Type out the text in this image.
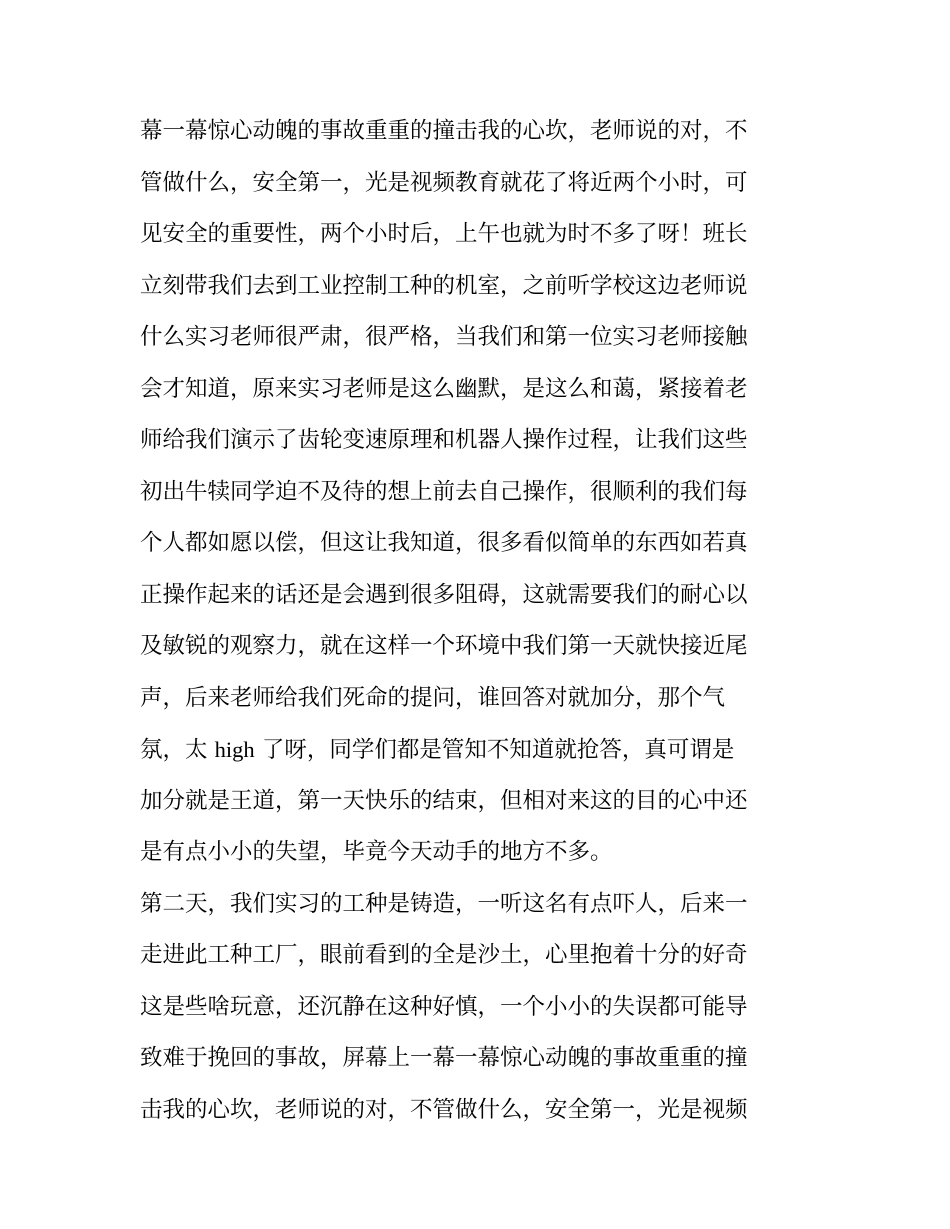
幕一幕惊心动魄的事故重重的撞击我的心坎，老师说的对，不
管做什么，安全第一，光是视频教育就花了将近两个小时，可
见安全的重要性，两个小时后，上午也就为时不多了呀！班长
立刻带我们去到工业控制工种的机室，之前听学校这边老师说
什么实习老师很严肃，很严格，当我们和第一位实习老师接触
会才知道，原来实习老师是这么幽默，是这么和蔼，紧接着老
师给我们演示了齿轮变速原理和机器人操作过程，让我们这些
初出牛犊同学迫不及待的想上前去自己操作，很顺利的我们每
个人都如愿以偿，但这让我知道，很多看似简单的东西如若真
正操作起来的话还是会遇到很多阻碍，这就需要我们的耐心以
及敏锐的观察力，就在这样一个环境中我们第一天就快接近尾
声，后来老师给我们死命的提问，谁回答对就加分，那个气
氛，太 high 了呀，同学们都是管知不知道就抢答，真可谓是
加分就是王道，第一天快乐的结束，但相对来这的目的心中还
是有点小小的失望，毕竟今天动手的地方不多。
第二天，我们实习的工种是铸造，一听这名有点吓人，后来一
走进此工种工厂，眼前看到的全是沙土，心里抱着十分的好奇
这是些啥玩意，还沉静在这种好慎，一个小小的失误都可能导
致难于挽回的事故，屏幕上一幕一幕惊心动魄的事故重重的撞
击我的心坎，老师说的对，不管做什么，安全第一，光是视频
